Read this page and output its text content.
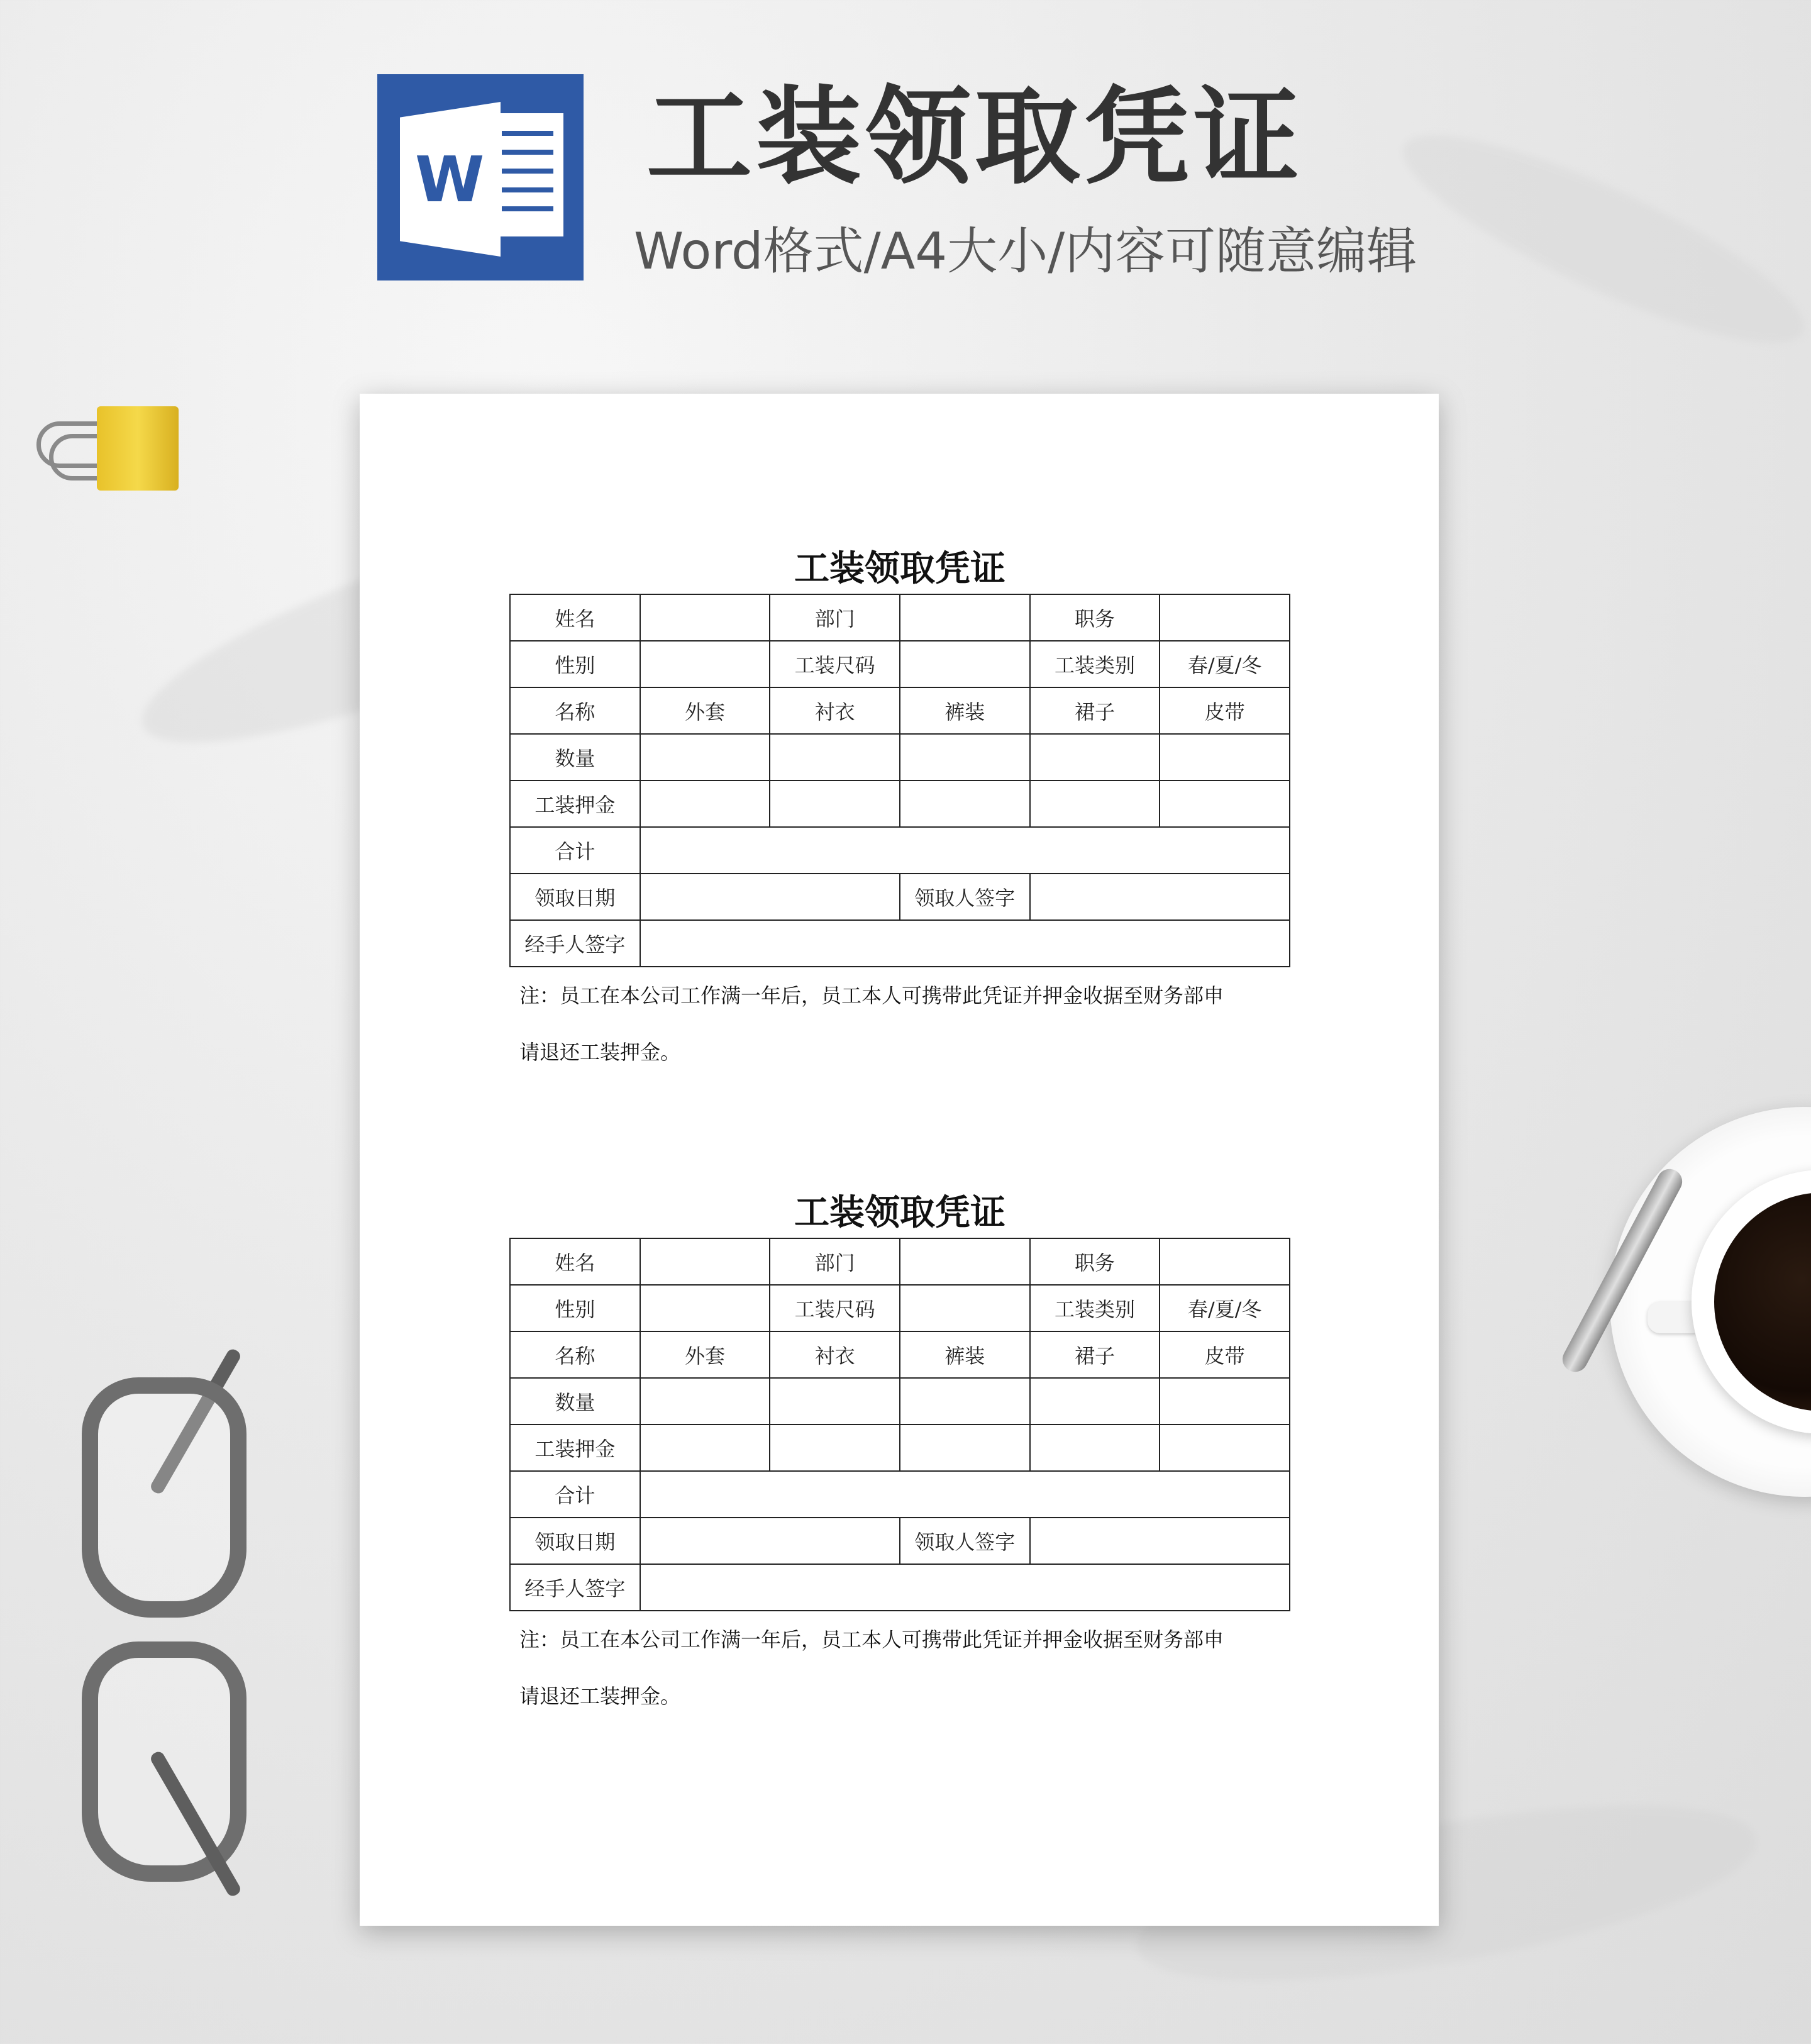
W 工装领取凭证
Word格式/A4大小/内容可随意编辑
工装领取凭证
姓名		部门		职务	
性别		工装尺码		工装类别	春/夏/冬
名称	外套	衬衣	裤装	裙子	皮带
数量					
工装押金					
合计					
领取日期			领取人签字		
经手人签字					
注：员工在本公司工作满一年后，员工本人可携带此凭证并押金收据至财务部申
请退还工装押金。
工装领取凭证
姓名		部门		职务	
性别		工装尺码		工装类别	春/夏/冬
名称	外套	衬衣	裤装	裙子	皮带
数量					
工装押金					
合计					
领取日期			领取人签字		
经手人签字					
注：员工在本公司工作满一年后，员工本人可携带此凭证并押金收据至财务部申
请退还工装押金。
